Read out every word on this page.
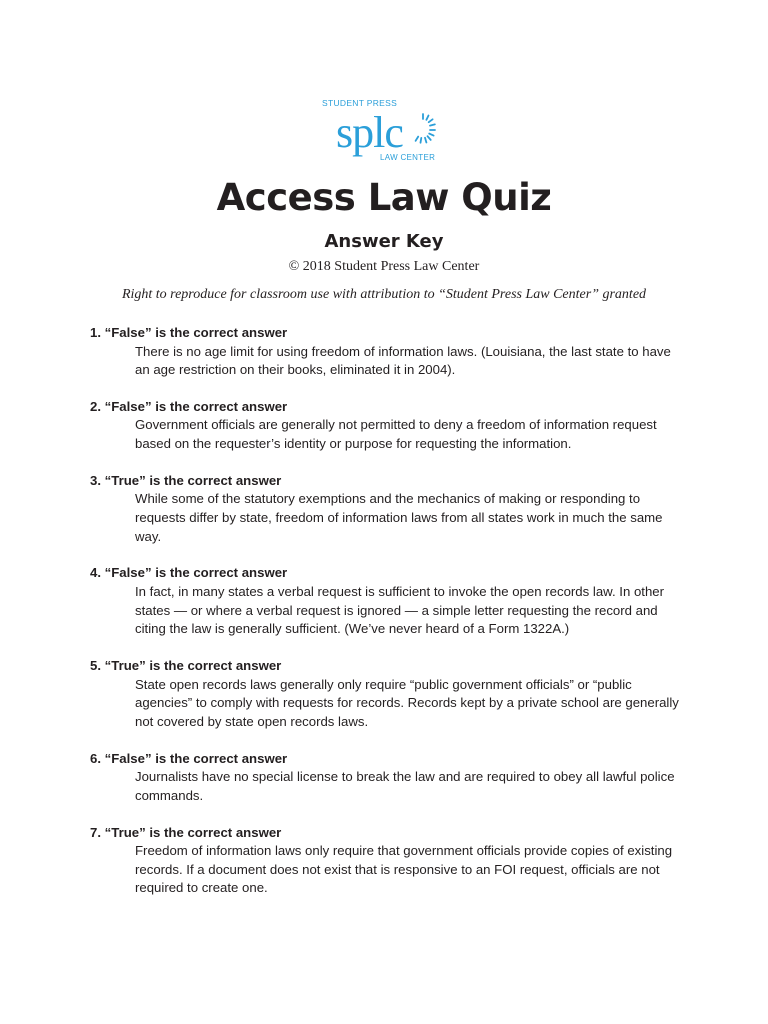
STUDENT PRESS
splc
LAW CENTER
Access Law Quiz
Answer Key
© 2018 Student Press Law Center
Right to reproduce for classroom use with attribution to “Student Press Law Center” granted
1. “False” is the correct answer
There is no age limit for using freedom of information laws. (Louisiana, the last state to have an age restriction on their books, eliminated it in 2004).
2. “False” is the correct answer
Government officials are generally not permitted to deny a freedom of information request based on the requester’s identity or purpose for requesting the information.
3. “True” is the correct answer
While some of the statutory exemptions and the mechanics of making or responding to requests differ by state, freedom of information laws from all states work in much the same way.
4. “False” is the correct answer
In fact, in many states a verbal request is sufficient to invoke the open records law. In other states — or where a verbal request is ignored — a simple letter requesting the record and citing the law is generally sufficient. (We’ve never heard of a Form 1322A.)
5. “True” is the correct answer
State open records laws generally only require “public government officials” or “public agencies” to comply with requests for records. Records kept by a private school are generally not covered by state open records laws.
6. “False” is the correct answer
Journalists have no special license to break the law and are required to obey all lawful police commands.
7. “True” is the correct answer
Freedom of information laws only require that government officials provide copies of existing records. If a document does not exist that is responsive to an FOI request, officials are not required to create one.
